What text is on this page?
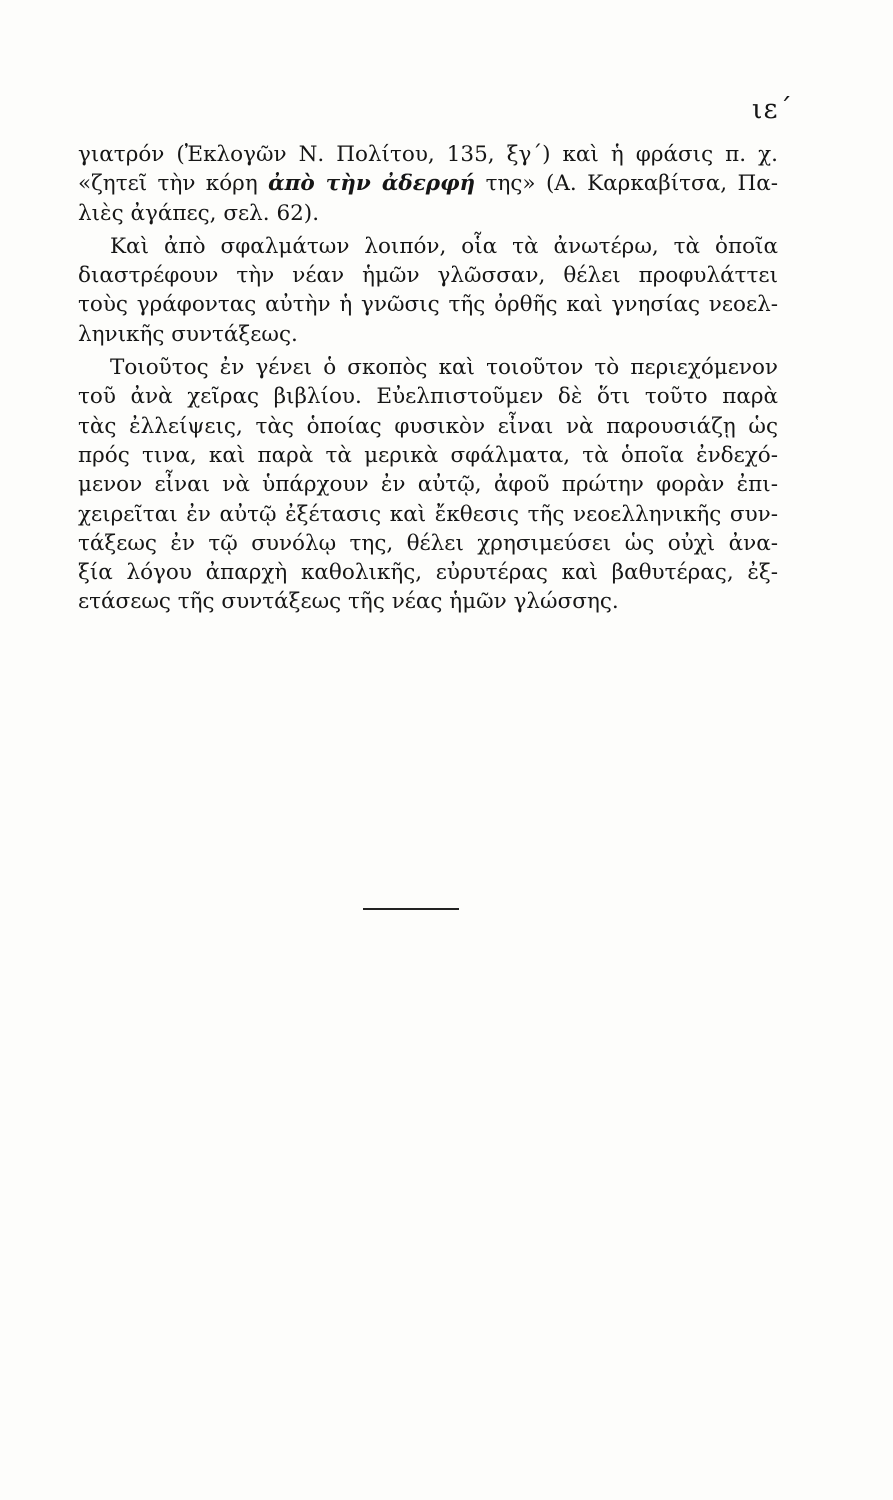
ιε΄
γιατρόν (Ἐκλογῶν Ν. Πολίτου, 135, ξγ΄) καὶ ἡ φράσις π. χ.
«ζητεῖ τὴν κόρη ἀπὸ τὴν ἀδερφή της» (Α. Καρκαβίτσα, Πα-
λιὲς ἀγάπες, σελ. 62).
Καὶ ἀπὸ σφαλμάτων λοιπόν, οἷα τὰ ἀνωτέρω, τὰ ὁποῖα
διαστρέφουν τὴν νέαν ἡμῶν γλῶσσαν, θέλει προφυλάττει
τοὺς γράφοντας αὐτὴν ἡ γνῶσις τῆς ὀρθῆς καὶ γνησίας νεοελ-
ληνικῆς συντάξεως.
Τοιοῦτος ἐν γένει ὁ σκοπὸς καὶ τοιοῦτον τὸ περιεχόμενον
τοῦ ἀνὰ χεῖρας βιβλίου. Εὐελπιστοῦμεν δὲ ὅτι τοῦτο παρὰ
τὰς ἐλλείψεις, τὰς ὁποίας φυσικὸν εἶναι νὰ παρουσιάζῃ ὡς
πρός τινα, καὶ παρὰ τὰ μερικὰ σφάλματα, τὰ ὁποῖα ἐνδεχό-
μενον εἶναι νὰ ὑπάρχουν ἐν αὐτῷ, ἀφοῦ πρώτην φορὰν ἐπι-
χειρεῖται ἐν αὐτῷ ἐξέτασις καὶ ἔκθεσις τῆς νεοελληνικῆς συν-
τάξεως ἐν τῷ συνόλῳ της, θέλει χρησιμεύσει ὡς οὐχὶ ἀνα-
ξία λόγου ἀπαρχὴ καθολικῆς, εὐρυτέρας καὶ βαθυτέρας, ἐξ-
ετάσεως τῆς συντάξεως τῆς νέας ἡμῶν γλώσσης.
